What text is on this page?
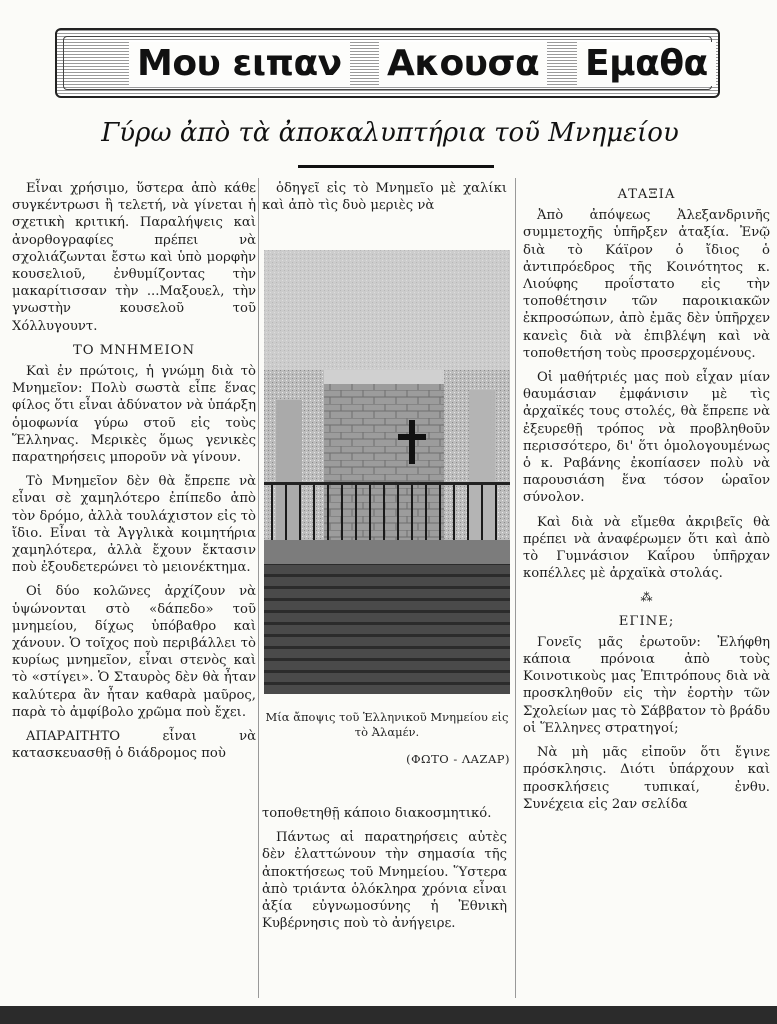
Μου ειπαν Ακουσα Εμαθα
Γύρω ἀπὸ τὰ ἀποκαλυπτήρια τοῦ Μνημείου

Εἶναι χρήσιμο, ὕστερα ἀπὸ κάθε συγκέντρωσι ἢ τελετή, νὰ γίνεται ἡ σχετικὴ κριτική. Παραλήψεις καὶ ἀνορθογραφίες πρέπει νὰ σχολιάζωνται ἔστω καὶ ὑπὸ μορφὴν κουσελιοῦ, ἐνθυμίζοντας τὴν μακαρίτισσαν τὴν ...Μαξουελ, τὴν γνωστὴν κουσελοῦ τοῦ Χόλλυγουντ.

ΤΟ ΜΝΗΜΕΙΟΝ

Καὶ ἐν πρώτοις, ἡ γνώμη διὰ τὸ Μνημεῖον: Πολὺ σωστὰ εἶπε ἕνας φίλος ὅτι εἶναι ἀδύνατον νὰ ὑπάρξη ὁμοφωνία γύρω στοῦ εἰς τοὺς Ἕλληνας. Μερικὲς ὅμως γενικὲς παρατηρήσεις μποροῦν νὰ γίνουν.

Τὸ Μνημεῖον δὲν θὰ ἔπρεπε νὰ εἶναι σὲ χαμηλότερο ἐπίπεδο ἀπὸ τὸν δρόμο, ἀλλὰ τουλάχιστον εἰς τὸ ἴδιο. Εἶναι τὰ Ἀγγλικὰ κοιμητήρια χαμηλότερα, ἀλλὰ ἔχουν ἔκτασιν ποὺ ἐξουδετερώνει τὸ μειονέκτημα.

Οἱ δύο κολῶνες ἀρχίζουν νὰ ὑψώνονται στὸ «δάπεδο» τοῦ μνημείου, δίχως ὑπόβαθρο καὶ χάνουν. Ὁ τοῖχος ποὺ περιβάλλει τὸ κυρίως μνημεῖον, εἶναι στενὸς καὶ τὸ «στίγει». Ὁ Σταυρὸς δὲν θὰ ἦταν καλύτερα ἂν ἦταν καθαρὰ μαῦρος, παρὰ τὸ ἀμφίβολο χρῶμα ποὺ ἔχει.

ΑΠΑΡΑΙΤΗΤΟ εἶναι νὰ κατασκευασθῇ ὁ διάδρομος ποὺ

ὁδηγεῖ εἰς τὸ Μνημεῖο μὲ χαλίκι καὶ ἀπὸ τὶς δυὸ μεριὲς νὰ

Μία ἄποψις τοῦ Ἑλληνικοῦ Μνημείου εἰς τὸ Ἀλαμέν.
(ΦΩΤΟ - ΛΑΖΑΡ)

τοποθετηθῇ κάποιο διακοσμητικό.

Πάντως αἱ παρατηρήσεις αὐτὲς δὲν ἐλαττώνουν τὴν σημασία τῆς ἀποκτήσεως τοῦ Μνημείου. Ὕστερα ἀπὸ τριάντα ὁλόκληρα χρόνια εἶναι ἀξία εὐγνωμοσύνης ἡ Ἐθνικὴ Κυβέρνησις ποὺ τὸ ἀνήγειρε.

ΑΤΑΞΙΑ

Ἀπὸ ἀπόψεως Ἀλεξανδρινῆς συμμετοχῆς ὑπῆρξεν ἀταξία. Ἐνῷ διὰ τὸ Κάϊρον ὁ ἴδιος ὁ ἀντιπρόεδρος τῆς Κοινότητος κ. Λιούφης προΐστατο εἰς τὴν τοποθέτησιν τῶν παροικιακῶν ἐκπροσώπων, ἀπὸ ἐμᾶς δὲν ὑπῆρχεν κανεὶς διὰ νὰ ἐπιβλέψη καὶ νὰ τοποθετήση τοὺς προσερχομένους.

Οἱ μαθήτριές μας ποὺ εἶχαν μίαν θαυμάσιαν ἐμφάνισιν μὲ τὶς ἀρχαϊκές τους στολές, θὰ ἔπρεπε νὰ ἐξευρεθῇ τρόπος νὰ προβληθοῦν περισσότερο, δι' ὅτι ὁμολογουμένως ὁ κ. Ραβάνης ἐκοπίασεν πολὺ νὰ παρουσιάση ἕνα τόσον ὡραῖον σύνολον.

Καὶ διὰ νὰ εἴμεθα ἀκριβεῖς θὰ πρέπει νὰ ἀναφέρωμεν ὅτι καὶ ἀπὸ τὸ Γυμνάσιον Καΐρου ὑπῆρχαν κοπέλλες μὲ ἀρχαϊκὰ στολάς.

⁂
ΕΓΙΝΕ;

Γονεῖς μᾶς ἐρωτοῦν: Ἐλήφθη κάποια πρόνοια ἀπὸ τοὺς Κοινοτικοὺς μας Ἐπιτρόπους διὰ νὰ προσκληθοῦν εἰς τὴν ἑορτὴν τῶν Σχολείων μας τὸ Σάββατον τὸ βράδυ οἱ Ἕλληνες στρατηγοί;

Νὰ μὴ μᾶς εἰποῦν ὅτι ἔγινε πρόσκλησις. Διότι ὑπάρχουν καὶ προσκλήσεις τυπικαί, ἐνθυ. Συνέχεια εἰς 2αν σελίδα
